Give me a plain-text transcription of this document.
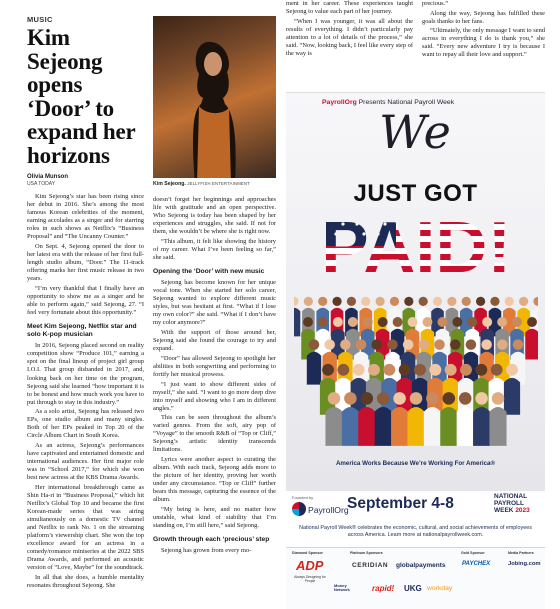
MUSIC
Kim Sejeong opens ‘Door’ to expand her horizons
Olivia Munson
USA TODAY

Kim Sejeong’s star has been rising since her debut in 2016. She’s among the most famous Korean celebrities of the moment, earning accolades as a singer and for starring roles in such shows as Netflix’s “Business Proposal” and “The Uncanny Counter.”

On Sept. 4, Sejeong opened the door to her latest era with the release of her first full-length studio album, “Door.” The 11-track offering marks her first music release in two years.

“I’m very thankful that I finally have an opportunity to show me as a singer and be able to perform again,” said Sejeong, 27. “I feel very fortunate about this opportunity.”

Meet Kim Sejeong, Netflix star and solo K-pop musician

In 2016, Sejeong placed second on reality competition show “Produce 101,” earning a spot on the final lineup of project girl group I.O.I. That group disbanded in 2017, and, looking back on her time on the program, Sejeong said she learned “how important it is to be honest and how much work you have to put through to stay in this industry.”

As a solo artist, Sejeong has released two EPs, one studio album and many singles. Both of her EPs peaked in Top 20 of the Circle Album Chart in South Korea.

As an actress, Sejeong’s performances have captivated and entertained domestic and international audiences. Her first major role was in “School 2017,” for which she won best new actress at the KBS Drama Awards.

Her international breakthrough came as Shin Ha-ri in “Business Proposal,” which hit Netflix’s Global Top 10 and became the first Korean-made series that was airing simultaneously on a domestic TV channel and Netflix to rank No. 1 on the streaming platform’s viewership chart. She won the top excellence award for an actress in a comedy/romance miniseries at the 2022 SBS Drama Awards, and performed an acoustic version of “Love, Maybe” for the soundtrack.

In all that she does, a humble mentality resonates throughout Sejeong. She

Kim Sejeong. JELLYFISH ENTERTAINMENT

doesn’t forget her beginnings and approaches life with gratitude and an open perspective. Who Sejeong is today has been shaped by her experiences and struggles, she said. If not for them, she wouldn’t be where she is right now.

“This album, it felt like showing the history of my career. What I’ve been feeling so far,” she said.

Opening the ‘Door’ with new music

Sejeong has become known for her unique vocal tone. When she started her solo career, Sejeong wanted to explore different music styles, but was hesitant at first. “What if I lose my own color?” she said. “What if I don’t have my color anymore?”

With the support of those around her, Sejeong said she found the courage to try and expand.

“Door” has allowed Sejeong to spotlight her abilities in both songwriting and performing to fortify her musical prowess.

“I just want to show different sides of myself,” she said. “I want to go more deep dive into myself and showing who I am in different angles.”

This can be seen throughout the album’s varied genres. From the soft, airy pop of “Voyage” to the smooth R&B of “Top or Cliff,” Sejeong’s artistic identity transcends limitations.

Lyrics were another aspect to curating the album. With each track, Sejeong adds more to the picture of her identity, proving her worth under any circumstance. “Top or Cliff” further bears this message, capturing the essence of the album.

“My being is here, and no matter how unstable, what kind of stability that I’m standing on, I’m still here,” said Sejeong.

Growth through each ‘precious’ step

Sejeong has grown from every mo-

ment in her career. These experiences taught Sejeong to value each part of her journey.

“When I was younger, it was all about the results of everything. I didn’t particularly pay attention to a lot of details of the process,” she said. “Now, looking back, I feel like every step of the way is

precious.”

Along the way, Sejeong has fulfilled these goals thanks to her fans.

“Ultimately, the only message I want to send across in everything I do is thank you,” she said. “Every new adventure I try is because I want to repay all their love and support.”

PayrollOrg Presents National Payroll Week
We
JUST GOT
America Works Because We’re Working For America®
Founded by
PayrollOrg
September 4-8	NATIONAL
PAYROLL
WEEK 2023
National Payroll Week® celebrates the economic, cultural, and social achievements of employees across America. Learn more at nationalpayrollweek.com.
Diamond Sponsor	Platinum Sponsors	Gold Sponsor	Media Partners
ADP
Always Designing for People
CERIDIAN globalpayments	PAYCHEX	Jobing.com
Money Network	rapid! UKG workday
